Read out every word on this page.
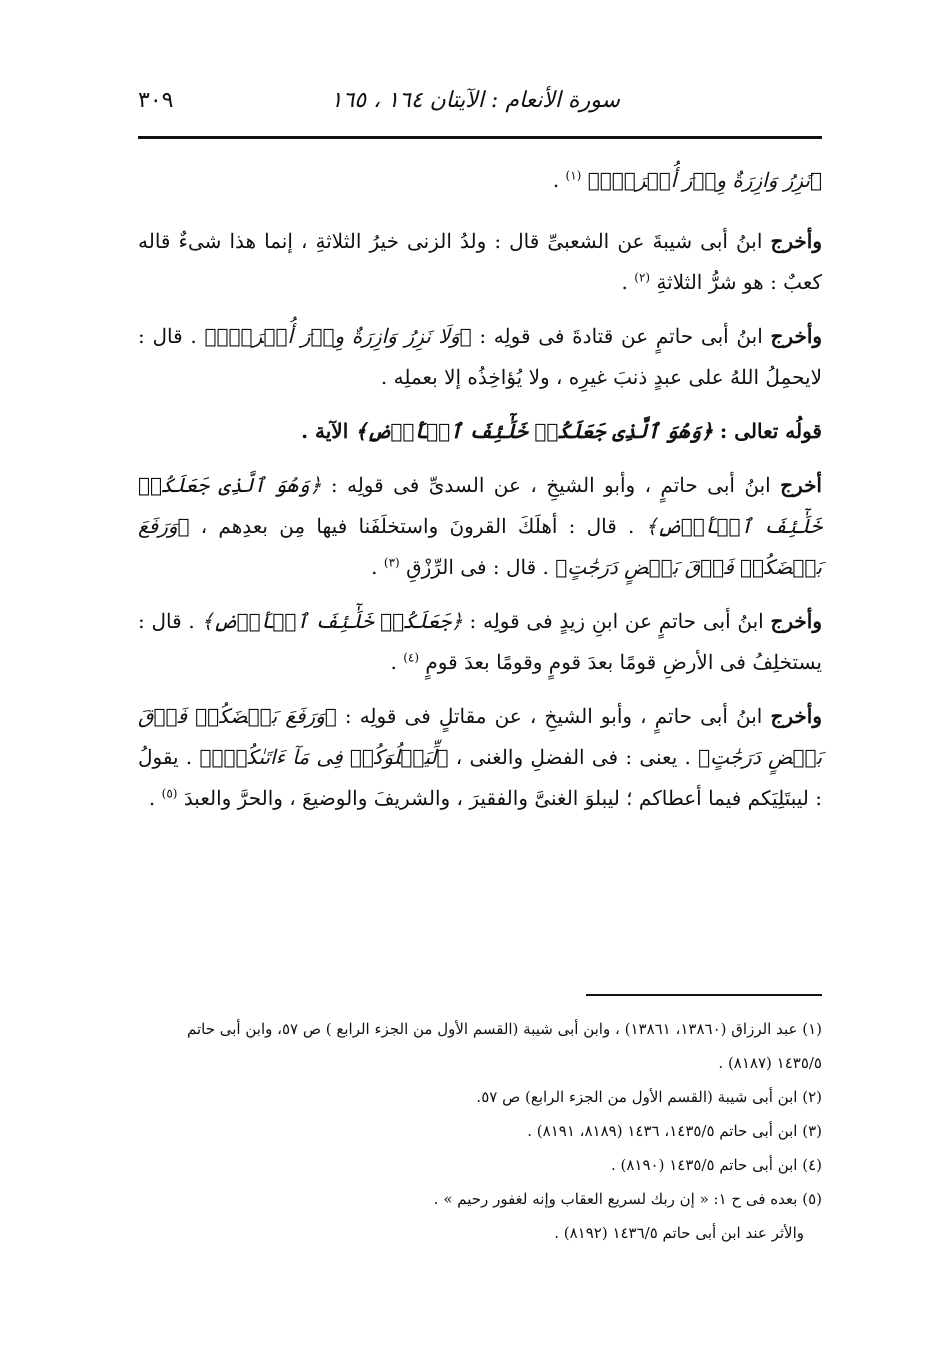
سورة الأنعام : الآيتان ١٦٤ ، ١٦٥
٣٠٩

﴿نَزِرُ وَازِرَةٌ وِزۡرَ أُخۡرَىٰۚ﴾ $^{(١)}$ .

وأخرج ابنُ أبى شيبةَ عن الشعبىِّ قال : ولدُ الزنى خيرُ الثلاثةِ ، إنما هذا شىءٌ قاله كعبٌ : هو شرُّ الثلاثةِ $^{(٢)}$ .

وأخرج ابنُ أبى حاتمٍ عن قتادةَ فى قولِه : ﴿وَلَا نَزِرُ وَازِرَةٌ وِزۡرَ أُخۡرَىٰۚ﴾ . قال : لايحمِلُ اللهُ على عبدٍ ذنبَ غيرِه ، ولا يُؤاخِذُه إلا بعملِه .

قولُه تعالى : ﴿وَهُوَ ٱلَّذِى جَعَلَكُمۡ خَلَٰٓئِفَ ٱلۡأَرۡضِ﴾ الآية .

أخرج ابنُ أبى حاتمٍ ، وأبو الشيخِ ، عن السدىِّ فى قولِه : ﴿وَهُوَ ٱلَّذِى جَعَلَكُمۡ خَلَٰٓئِفَ ٱلۡأَرۡضِ﴾ . قال : أهلَكَ القرونَ واستخلَفَنا فيها مِن بعدِهم ، ﴿وَرَفَعَ بَعۡضَكُمۡ فَوۡقَ بَعۡضٍ دَرَجَٰتٍ﴾ . قال : فى الرِّزْقِ $^{(٣)}$ .

وأخرج ابنُ أبى حاتمٍ عن ابنِ زيدٍ فى قولِه : ﴿جَعَلَكُمۡ خَلَٰٓئِفَ ٱلۡأَرۡضِ﴾ . قال : يستخلِفُ فى الأرضِ قومًا بعدَ قومٍ وقومًا بعدَ قومٍ $^{(٤)}$ .

وأخرج ابنُ أبى حاتمٍ ، وأبو الشيخِ ، عن مقاتلٍ فى قولِه : ﴿وَرَفَعَ بَعۡضَكُمۡ فَوۡقَ بَعۡضٍ دَرَجَٰتٍ﴾ . يعنى : فى الفضلِ والغنى ، ﴿لِّيَبۡلُوَكُمۡ فِى مَآ ءَاتَىٰكُمۡۗ﴾ . يقولُ : ليبتَلِيَكم فيما أعطاكم ؛ ليبلوَ الغنىَّ والفقيرَ ، والشريفَ والوضيعَ ، والحرَّ والعبدَ $^{(٥)}$ .

(١) عبد الرزاق (١٣٨٦٠، ١٣٨٦١) ، وابن أبى شيبة (القسم الأول من الجزء الرابع ) ص ٥٧، وابن أبى حاتم ١٤٣٥/٥ (٨١٨٧) .

(٢) ابن أبى شيبة (القسم الأول من الجزء الرابع) ص ٥٧.

(٣) ابن أبى حاتم ١٤٣٥/٥، ١٤٣٦ (٨١٨٩، ٨١٩١) .

(٤) ابن أبى حاتم ١٤٣٥/٥ (٨١٩٠) .

(٥) بعده فى ح ١: « إن ربك لسريع العقاب وإنه لغفور رحيم » .

والأثر عند ابن أبى حاتم ١٤٣٦/٥ (٨١٩٢) .
